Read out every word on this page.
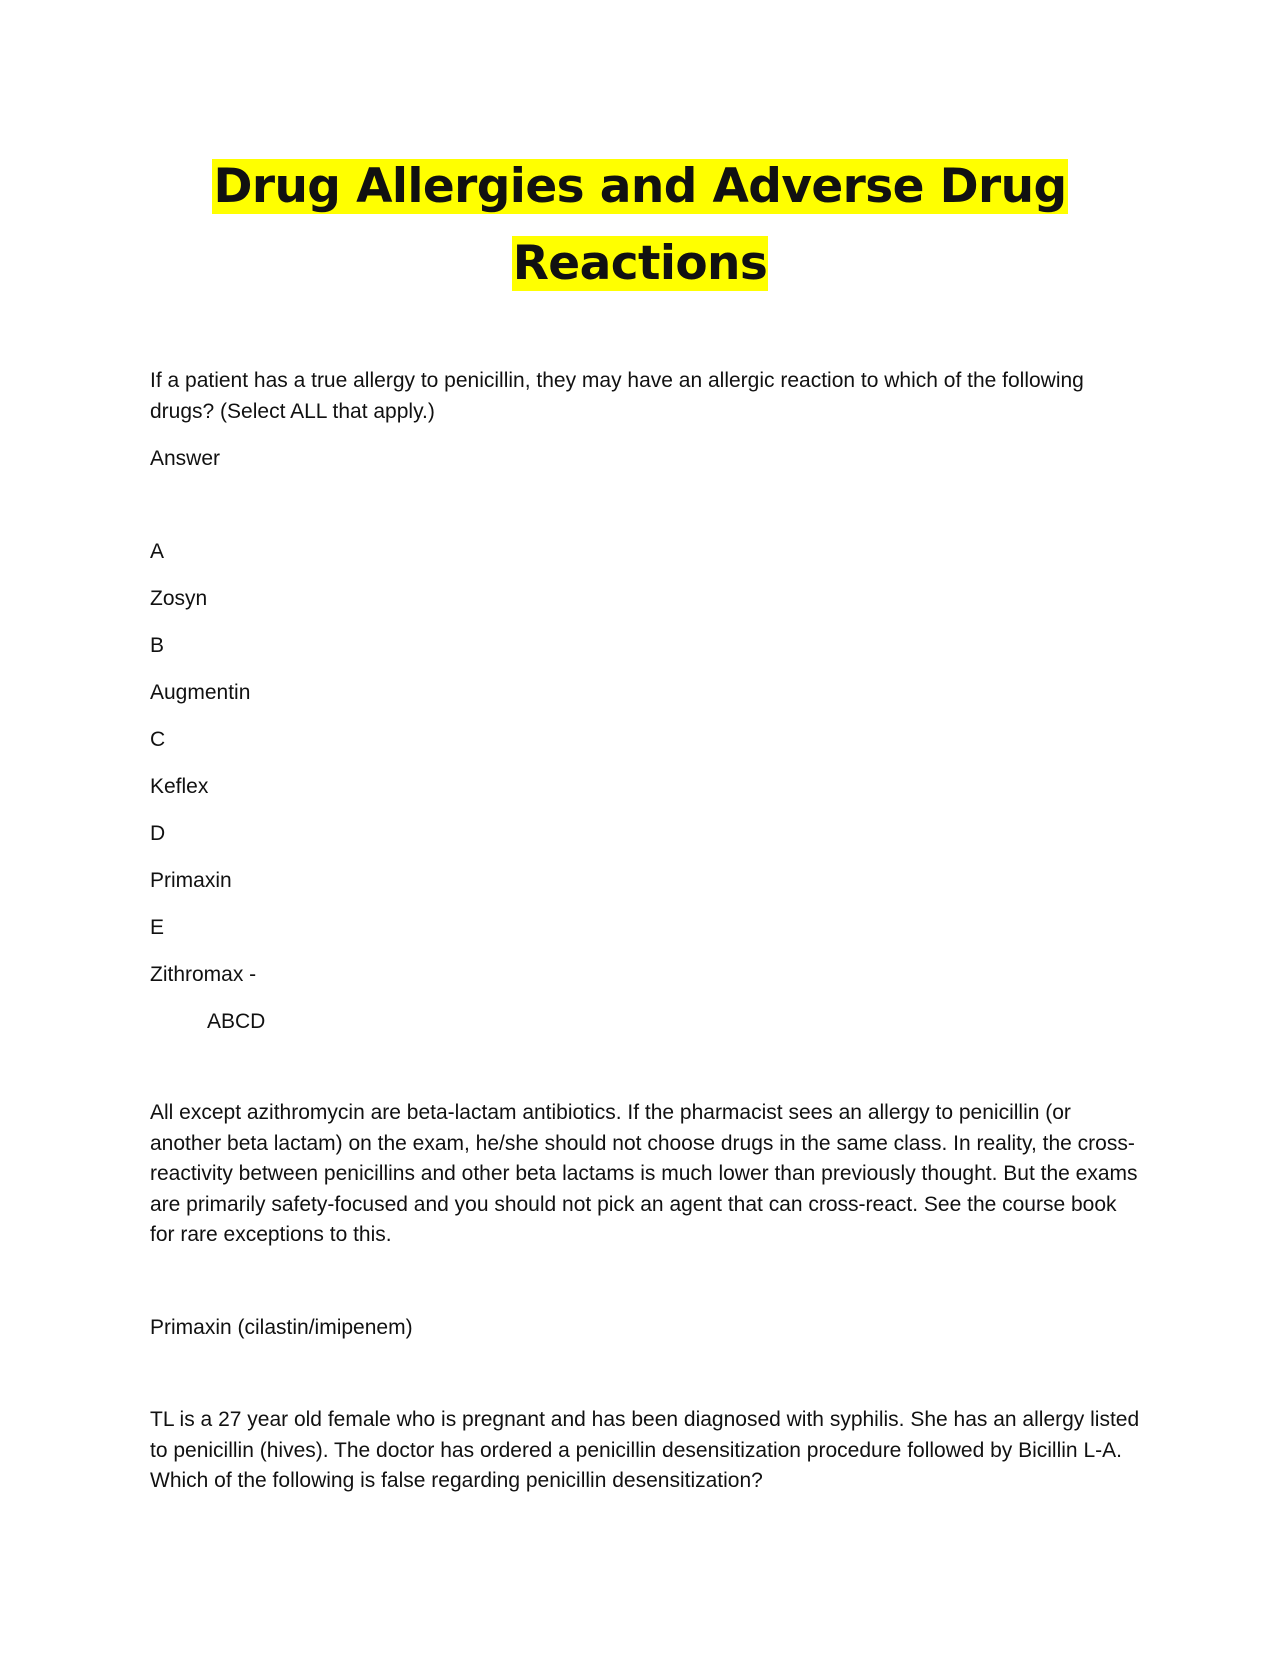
Drug Allergies and Adverse Drug
Reactions

If a patient has a true allergy to penicillin, they may have an allergic reaction to which of the following drugs? (Select ALL that apply.)

Answer

A

Zosyn

B

Augmentin

C

Keflex

D

Primaxin

E

Zithromax -

ABCD

All except azithromycin are beta-lactam antibiotics. If the pharmacist sees an allergy to penicillin (or another beta lactam) on the exam, he/she should not choose drugs in the same class. In reality, the cross-reactivity between penicillins and other beta lactams is much lower than previously thought. But the exams are primarily safety-focused and you should not pick an agent that can cross-react. See the course book for rare exceptions to this.

Primaxin (cilastin/imipenem)

TL is a 27 year old female who is pregnant and has been diagnosed with syphilis. She has an allergy listed to penicillin (hives). The doctor has ordered a penicillin desensitization procedure followed by Bicillin L-A. Which of the following is false regarding penicillin desensitization?
